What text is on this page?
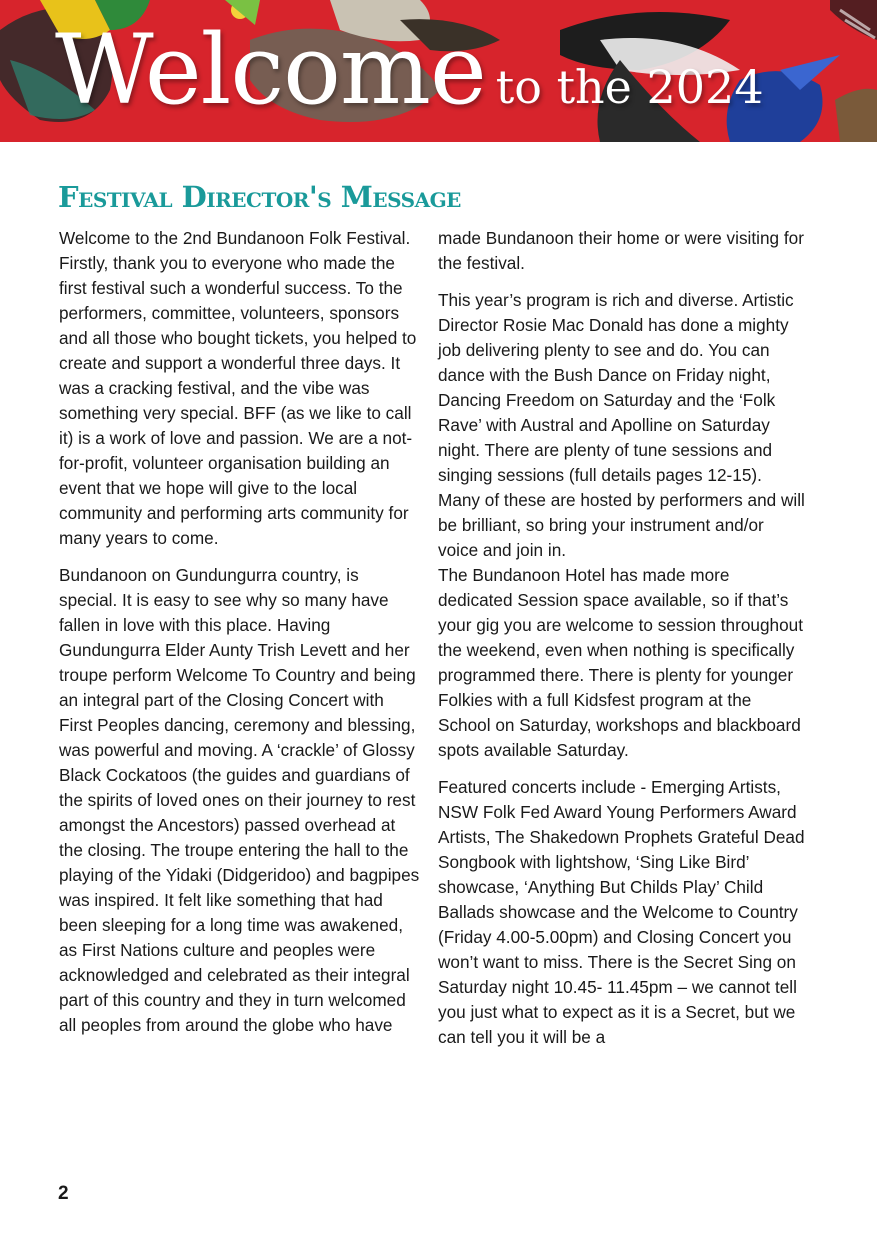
Welcome to the 2024
Festival Director's Message

Welcome to the 2nd Bundanoon Folk Festival. Firstly, thank you to everyone who made the first festival such a wonderful success. To the performers, committee, volunteers, sponsors and all those who bought tickets, you helped to create and support a wonderful three days. It was a cracking festival, and the vibe was something very special. BFF (as we like to call it) is a work of love and passion. We are a not-for-profit, volunteer organisation building an event that we hope will give to the local community and performing arts community for many years to come.

Bundanoon on Gundungurra country, is special. It is easy to see why so many have fallen in love with this place. Having Gundungurra Elder Aunty Trish Levett and her troupe perform Welcome To Country and being an integral part of the Closing Concert with First Peoples dancing, ceremony and blessing, was powerful and moving. A ‘crackle’ of Glossy Black Cockatoos (the guides and guardians of the spirits of loved ones on their journey to rest amongst the Ancestors) passed overhead at the closing. The troupe entering the hall to the playing of the Yidaki (Didgeridoo) and bagpipes was inspired. It felt like something that had been sleeping for a long time was awakened, as First Nations culture and peoples were acknowledged and celebrated as their integral part of this country and they in turn welcomed all peoples from around the globe who have

made Bundanoon their home or were visiting for the festival.

This year’s program is rich and diverse. Artistic Director Rosie Mac Donald has done a mighty job delivering plenty to see and do. You can dance with the Bush Dance on Friday night, Dancing Freedom on Saturday and the ‘Folk Rave’ with Austral and Apolline on Saturday night. There are plenty of tune sessions and singing sessions (full details pages 12-15). Many of these are hosted by performers and will be brilliant, so bring your instrument and/or voice and join in.

The Bundanoon Hotel has made more dedicated Session space available, so if that’s your gig you are welcome to session throughout the weekend, even when nothing is specifically programmed there. There is plenty for younger Folkies with a full Kidsfest program at the School on Saturday, workshops and blackboard spots available Saturday.

Featured concerts include - Emerging Artists, NSW Folk Fed Award Young Performers Award Artists, The Shakedown Prophets Grateful Dead Songbook with lightshow, ‘Sing Like Bird’ showcase, ‘Anything But Childs Play’ Child Ballads showcase and the Welcome to Country (Friday 4.00-5.00pm) and Closing Concert you won’t want to miss. There is the Secret Sing on Saturday night 10.45- 11.45pm – we cannot tell you just what to expect as it is a Secret, but we can tell you it will be a

2
